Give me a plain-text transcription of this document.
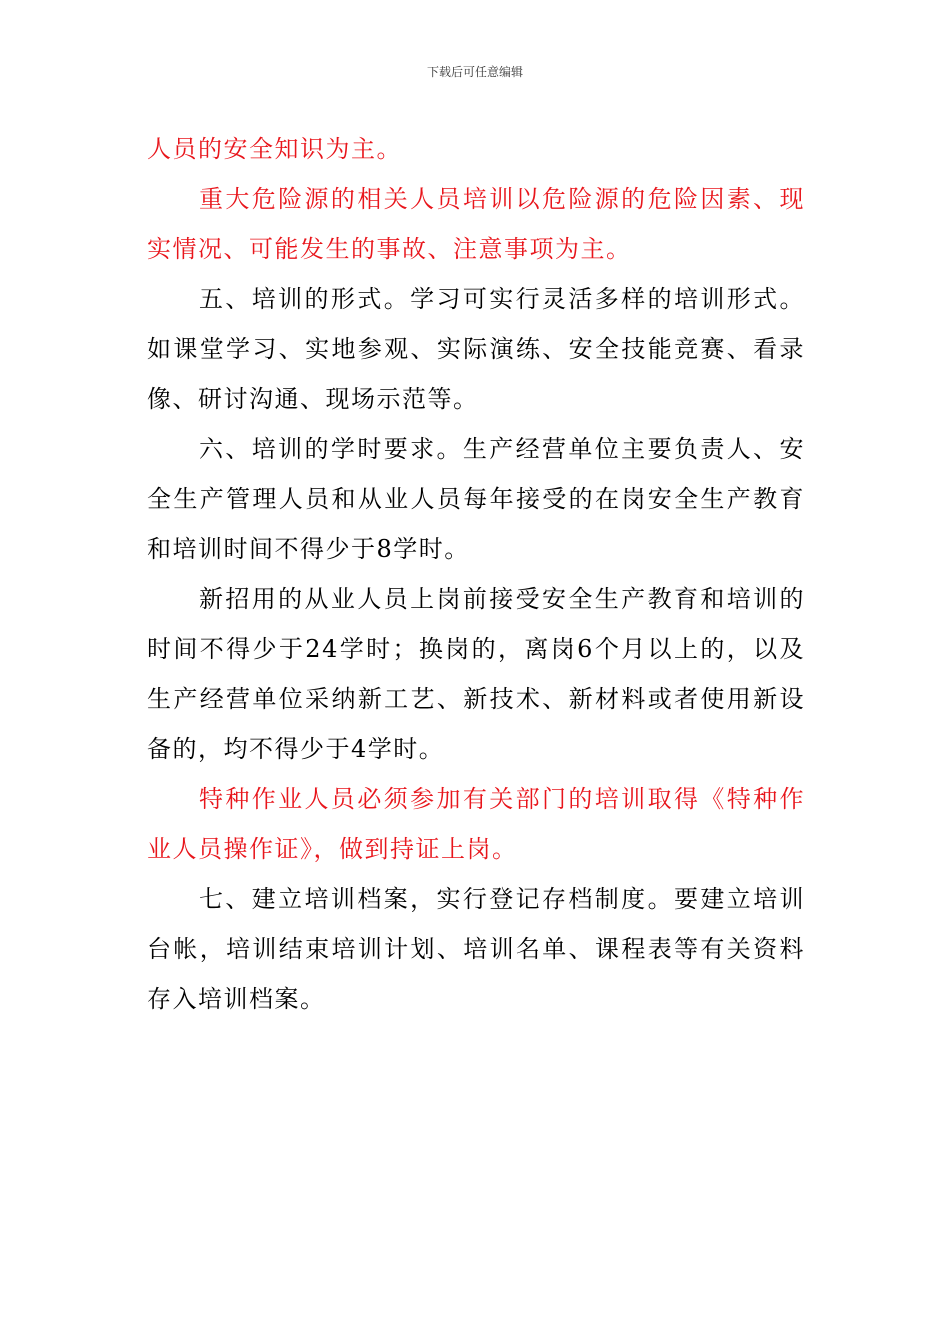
下载后可任意编辑

人员的安全知识为主。

重大危险源的相关人员培训以危险源的危险因素、现实情况、可能发生的事故、注意事项为主。

五、培训的形式。学习可实行灵活多样的培训形式。如课堂学习、实地参观、实际演练、安全技能竞赛、看录像、研讨沟通、现场示范等。

六、培训的学时要求。生产经营单位主要负责人、安全生产管理人员和从业人员每年接受的在岗安全生产教育和培训时间不得少于8学时。

新招用的从业人员上岗前接受安全生产教育和培训的时间不得少于24学时；换岗的，离岗6个月以上的，以及生产经营单位采纳新工艺、新技术、新材料或者使用新设备的，均不得少于4学时。

特种作业人员必须参加有关部门的培训取得《特种作业人员操作证》，做到持证上岗。

七、建立培训档案，实行登记存档制度。要建立培训台帐，培训结束培训计划、培训名单、课程表等有关资料存入培训档案。
